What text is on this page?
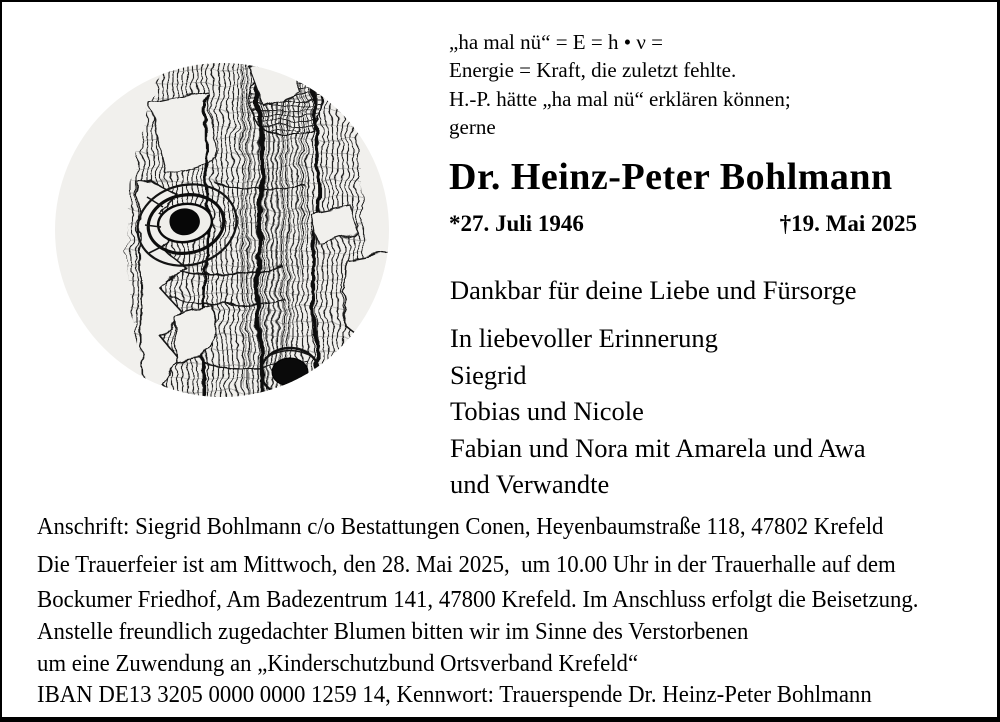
„ha mal nü“ = E = h • ν =
Energie = Kraft, die zuletzt fehlte.
H.-P. hätte „ha mal nü“ erklären können;
gerne
Dr. Heinz-Peter Bohlmann
*27. Juli 1946	†19. Mai 2025
Dankbar für deine Liebe und Fürsorge
In liebevoller Erinnerung
Siegrid
Tobias und Nicole
Fabian und Nora mit Amarela und Awa
und Verwandte
Anschrift: Siegrid Bohlmann c/o Bestattungen Conen, Heyenbaumstraße 118, 47802 Krefeld
Die Trauerfeier ist am Mittwoch, den 28. Mai 2025,  um 10.00 Uhr in der Trauerhalle auf dem
Bockumer Friedhof, Am Badezentrum 141, 47800 Krefeld. Im Anschluss erfolgt die Beisetzung.
Anstelle freundlich zugedachter Blumen bitten wir im Sinne des Verstorbenen
um eine Zuwendung an „Kinderschutzbund Ortsverband Krefeld“
IBAN DE13 3205 0000 0000 1259 14, Kennwort: Trauerspende Dr. Heinz-Peter Bohlmann
